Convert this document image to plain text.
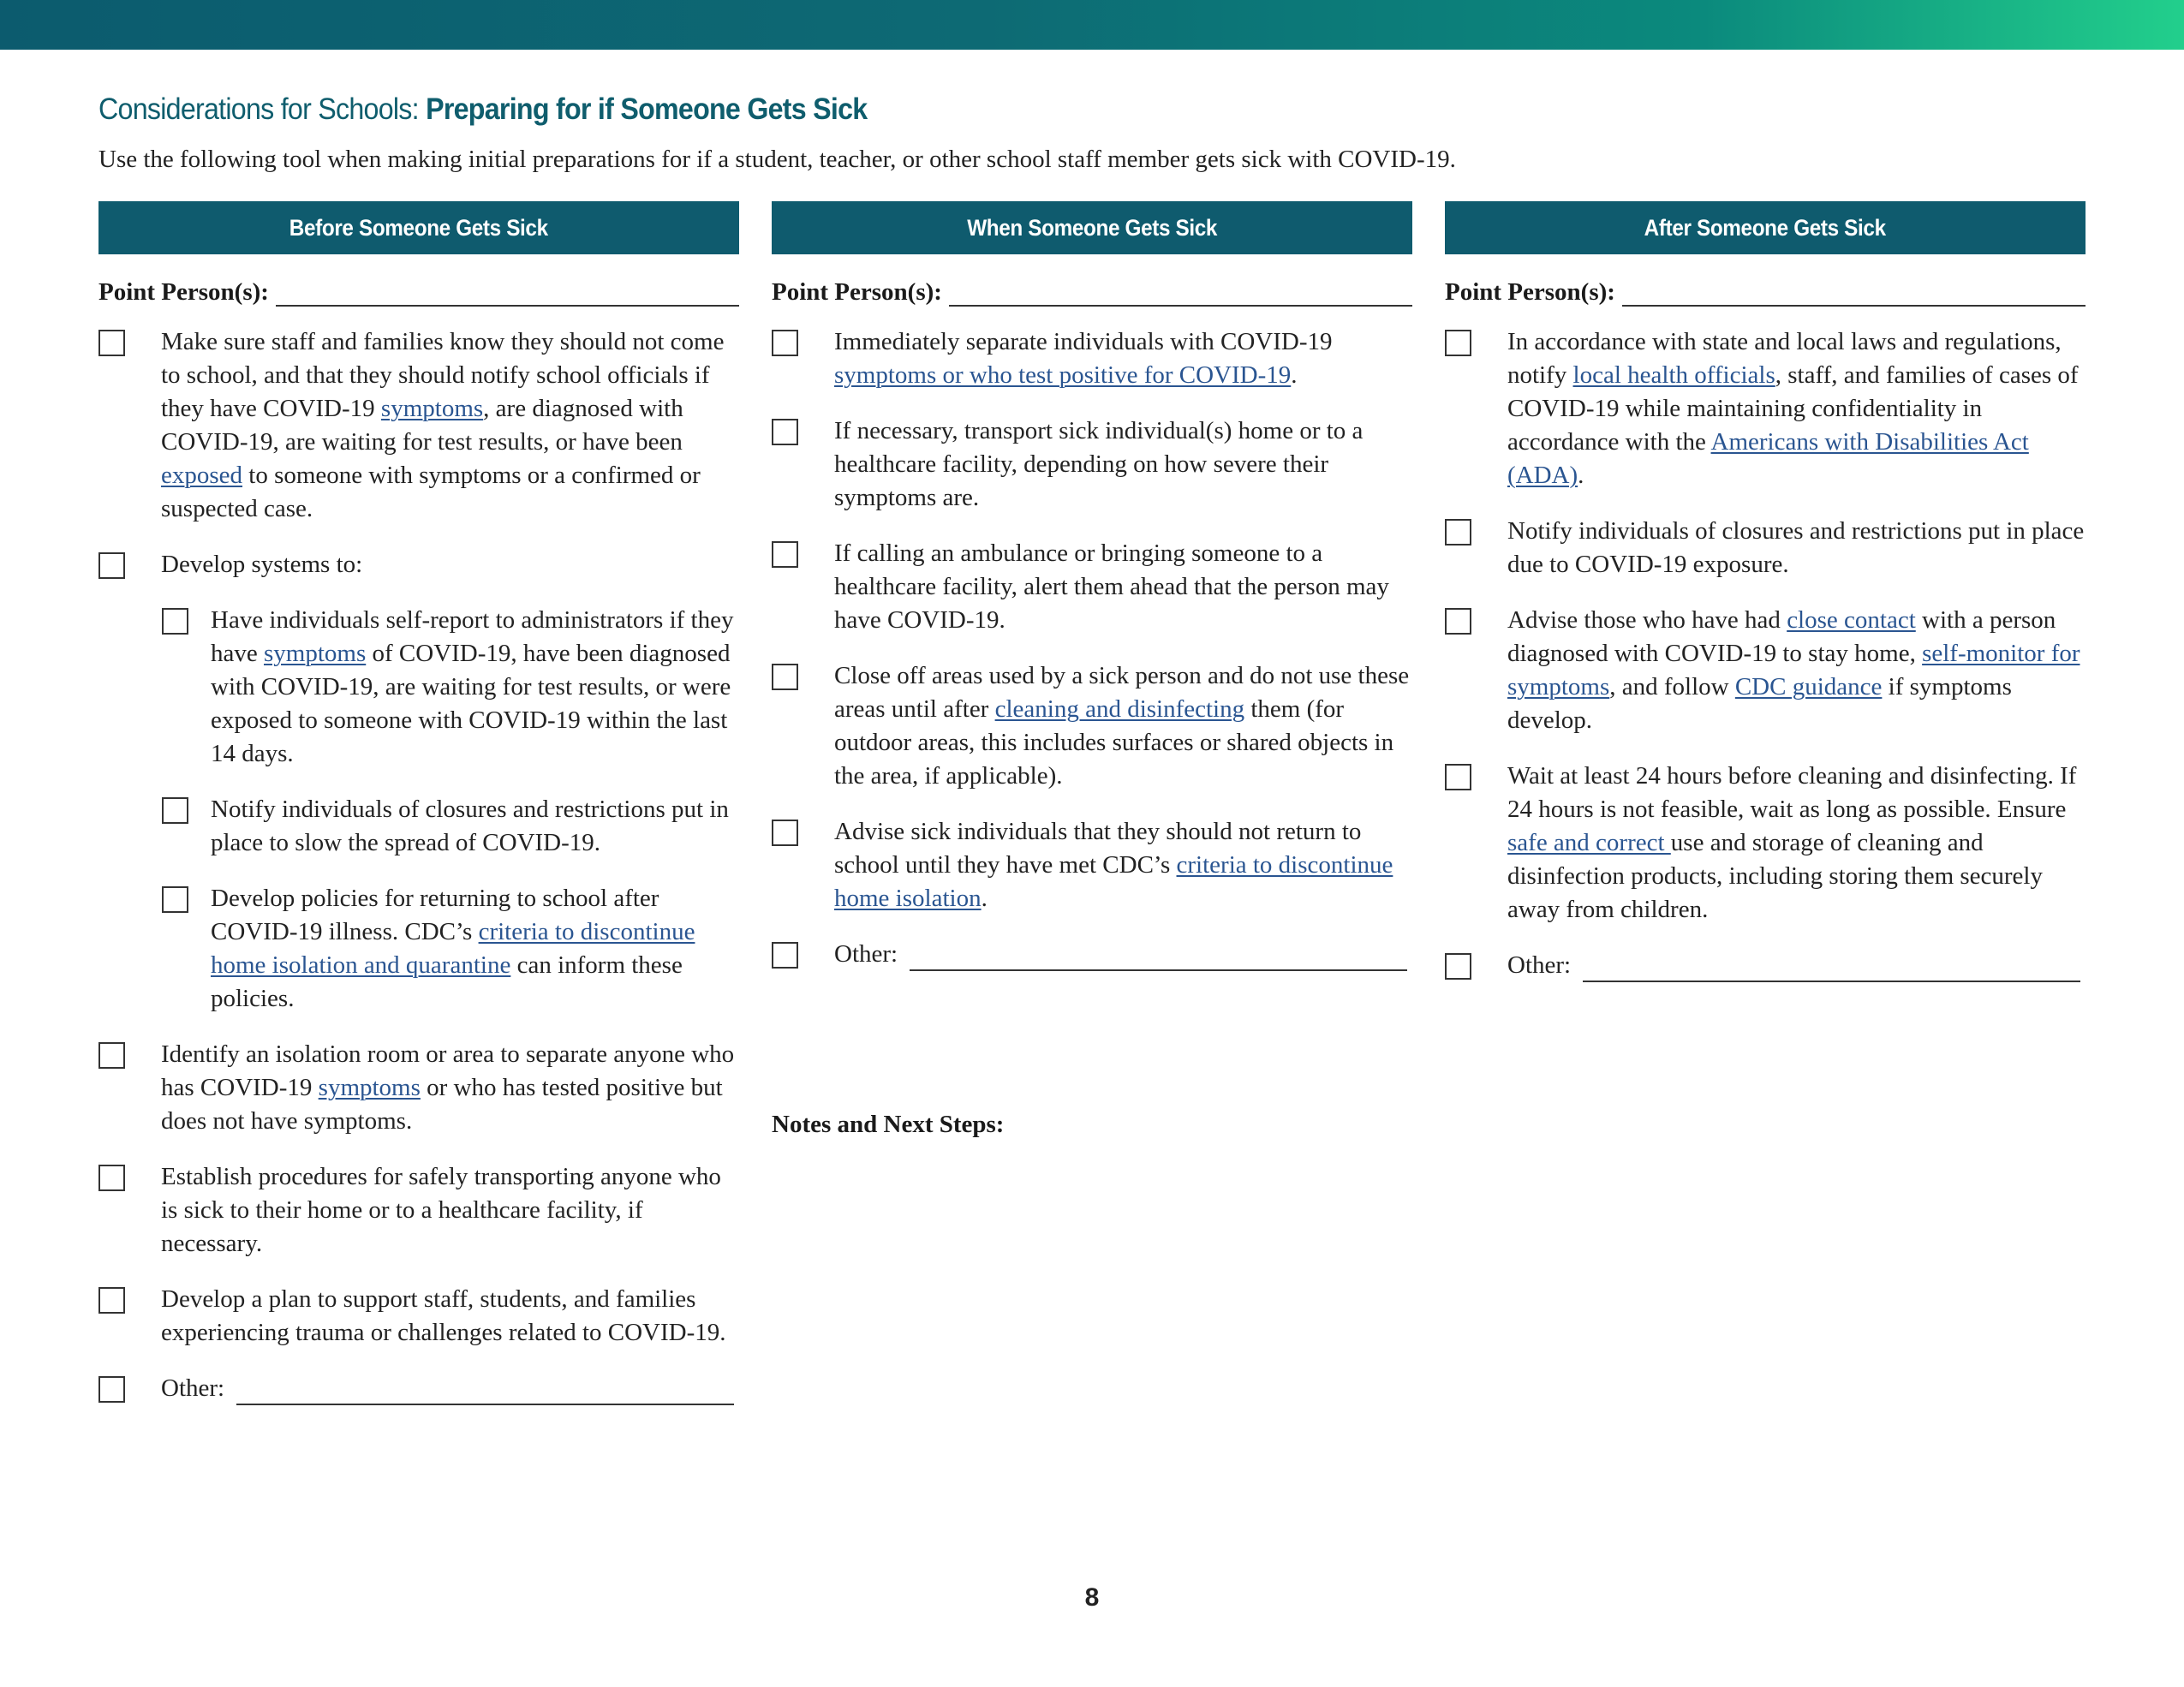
Considerations for Schools: Preparing for if Someone Gets Sick

Use the following tool when making initial preparations for if a student, teacher, or other school staff member gets sick with COVID-19.

Before Someone Gets Sick
Point Person(s):
Make sure staff and families know they should not come to school, and that they should notify school officials if they have COVID-19 symptoms, are diagnosed with COVID-19, are waiting for test results, or have been exposed to someone with symptoms or a confirmed or suspected case.
Develop systems to:
Have individuals self-report to administrators if they have symptoms of COVID-19, have been diagnosed with COVID-19, are waiting for test results, or were exposed to someone with COVID-19 within the last 14 days.
Notify individuals of closures and restrictions put in place to slow the spread of COVID-19.
Develop policies for returning to school after COVID-19 illness. CDC’s criteria to discontinue home isolation and quarantine can inform these policies.
Identify an isolation room or area to separate anyone who has COVID-19 symptoms or who has tested positive but does not have symptoms.
Establish procedures for safely transporting anyone who is sick to their home or to a healthcare facility, if necessary.
Develop a plan to support staff, students, and families experiencing trauma or challenges related to COVID-19.
Other:
When Someone Gets Sick
Point Person(s):
Immediately separate individuals with COVID-19 symptoms or who test positive for COVID-19.
If necessary, transport sick individual(s) home or to a healthcare facility, depending on how severe their symptoms are.
If calling an ambulance or bringing someone to a healthcare facility, alert them ahead that the person may have COVID-19.
Close off areas used by a sick person and do not use these areas until after cleaning and disinfecting them (for outdoor areas, this includes surfaces or shared objects in the area, if applicable).
Advise sick individuals that they should not return to school until they have met CDC’s criteria to discontinue home isolation.
Other:
After Someone Gets Sick
Point Person(s):
In accordance with state and local laws and regulations, notify local health officials, staff, and families of cases of COVID-19 while maintaining confidentiality in accordance with the Americans with Disabilities Act (ADA).
Notify individuals of closures and restrictions put in place due to COVID-19 exposure.
Advise those who have had close contact with a person diagnosed with COVID-19 to stay home, self-monitor for symptoms, and follow CDC guidance if symptoms develop.
Wait at least 24 hours before cleaning and disinfecting. If 24 hours is not feasible, wait as long as possible. Ensure safe and correct use and storage of cleaning and disinfection products, including storing them securely away from children.
Other:

Notes and Next Steps:

8
